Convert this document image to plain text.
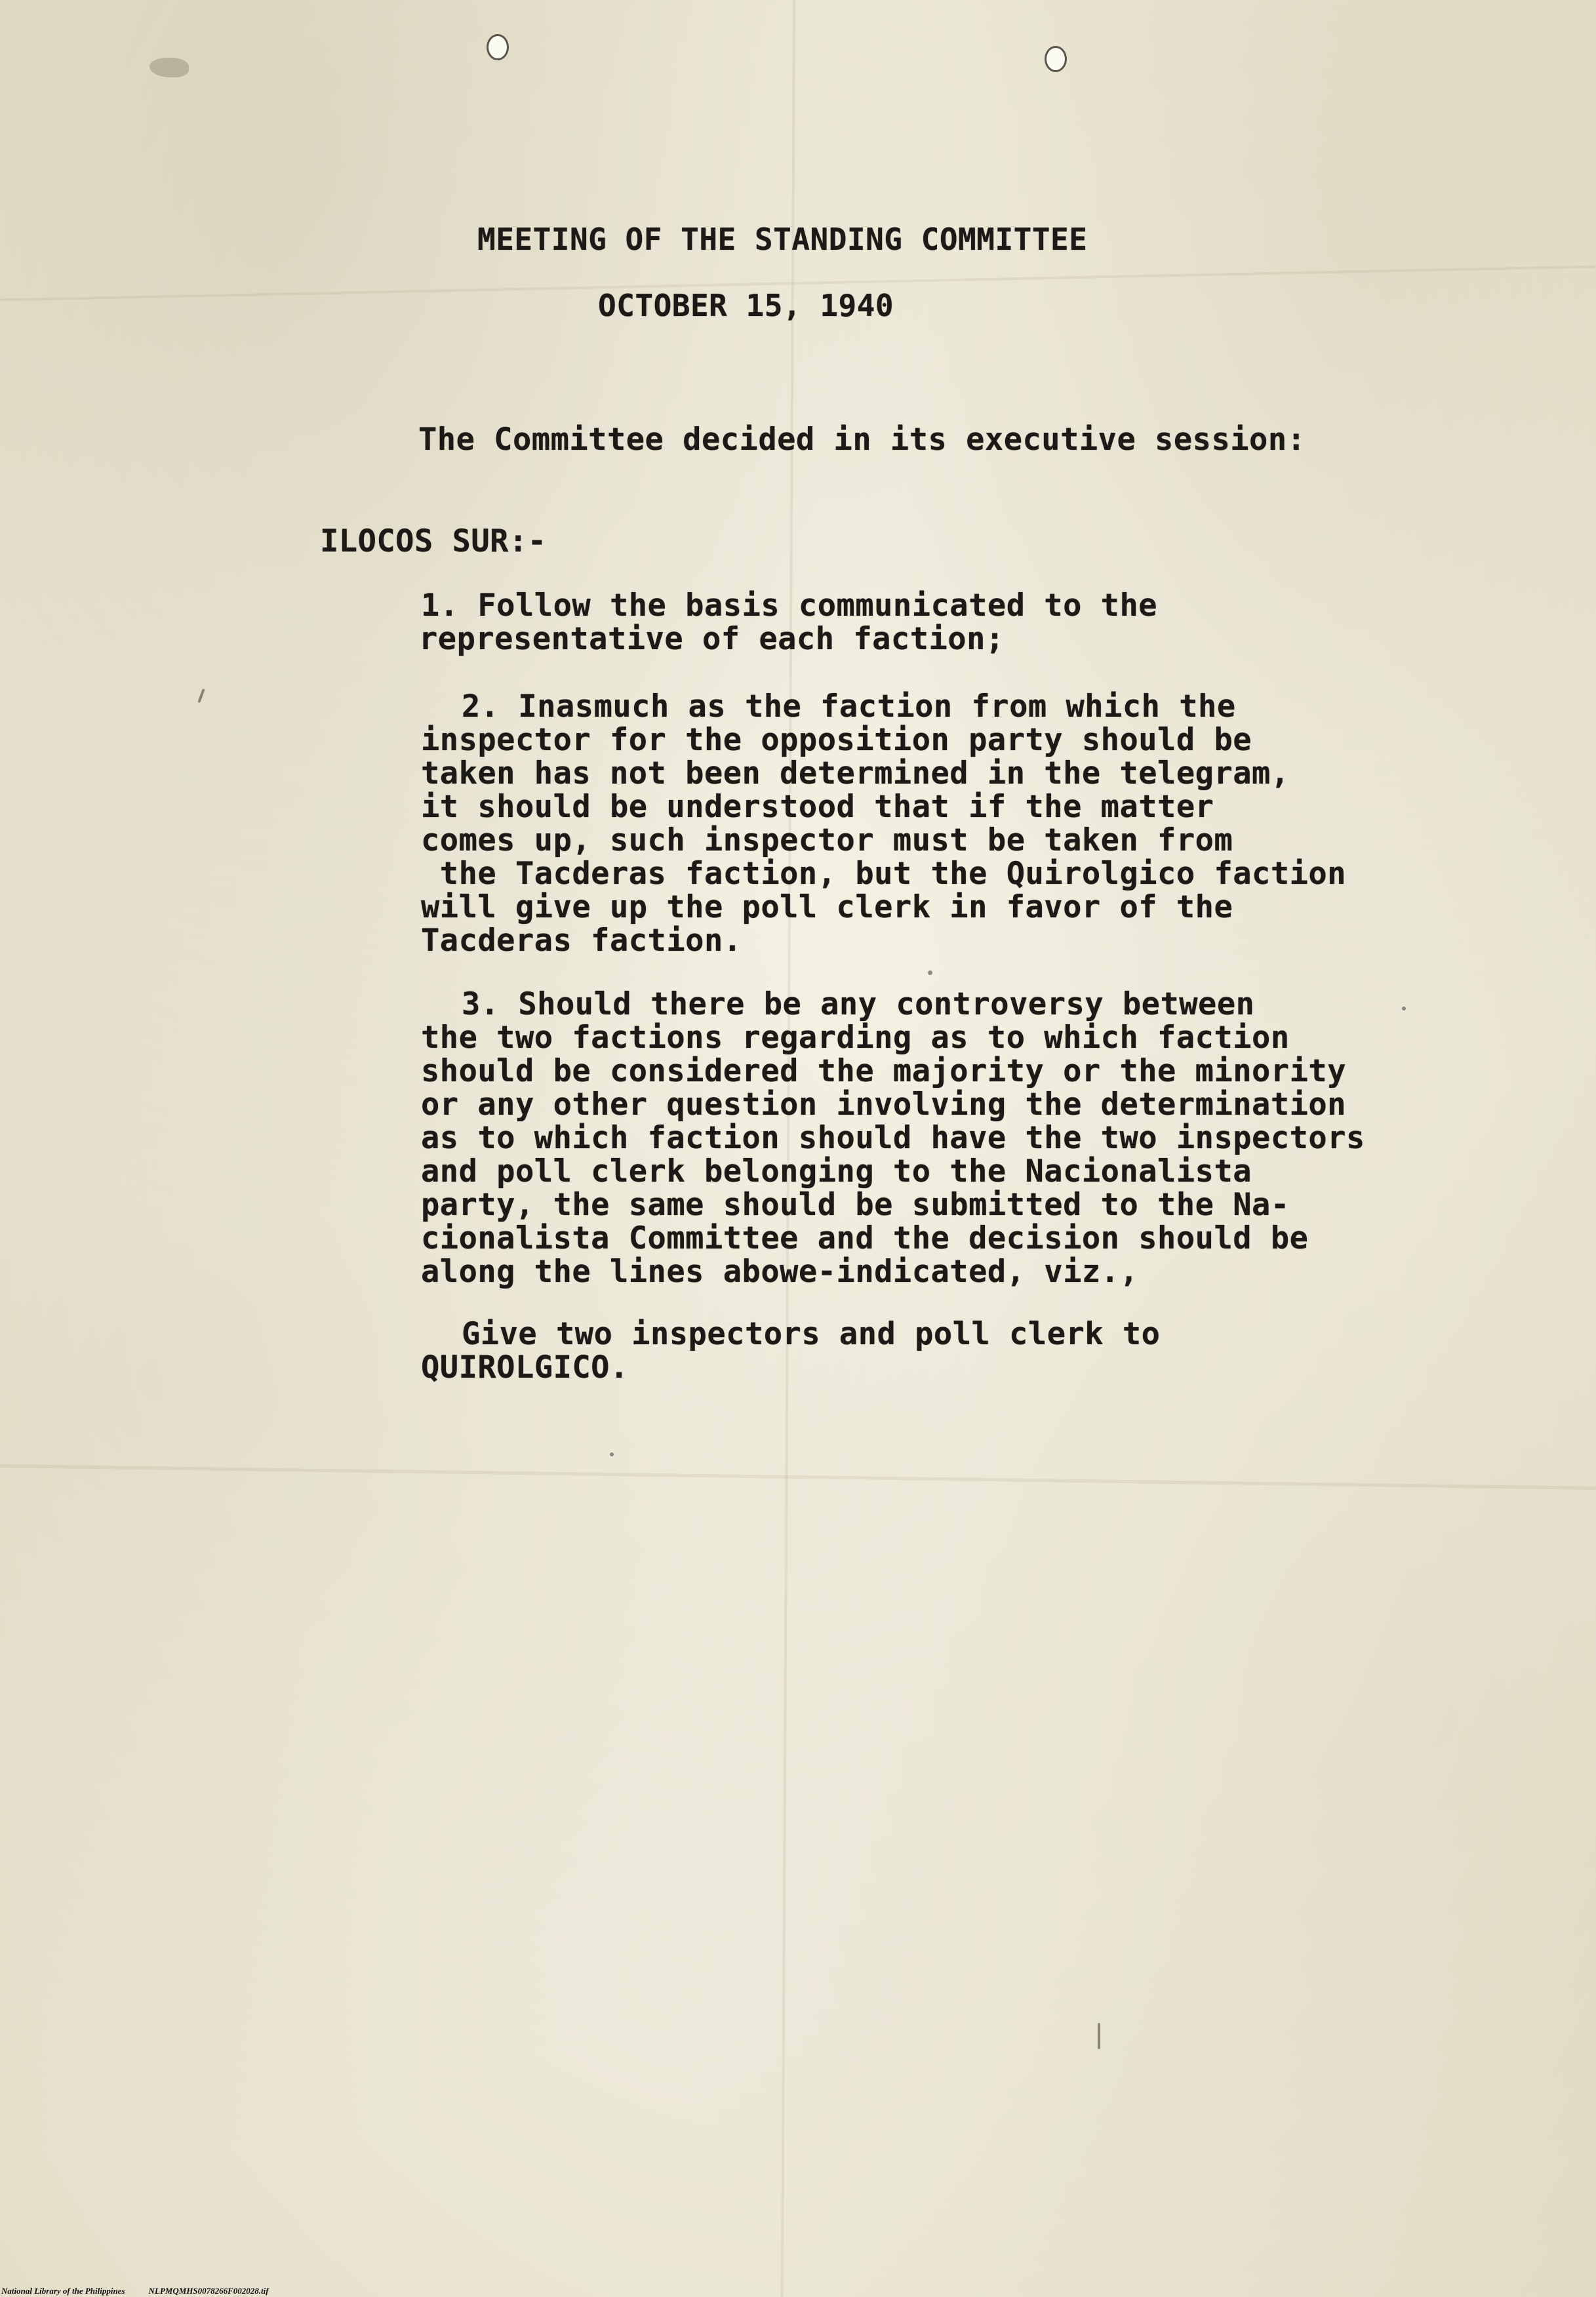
MEETING OF THE STANDING COMMITTEE
OCTOBER 15, 1940
The Committee decided in its executive session:
ILOCOS SUR:-
1. Follow the basis communicated to the
representative of each faction;
2. Inasmuch as the faction from which the
inspector for the opposition party should be
taken has not been determined in the telegram,
it should be understood that if the matter
comes up, such inspector must be taken from
the Tacderas faction, but the Quirolgico faction
will give up the poll clerk in favor of the
Tacderas faction.
3. Should there be any controversy between
the two factions regarding as to which faction
should be considered the majority or the minority
or any other question involving the determination
as to which faction should have the two inspectors
and poll clerk belonging to the Nacionalista
party, the same should be submitted to the Na-
cionalista Committee and the decision should be
along the lines abowe-indicated, viz.,
Give two inspectors and poll clerk to
QUIROLGICO.
National Library of the Philippines	NLPMQMHS0078266F002028.tif
